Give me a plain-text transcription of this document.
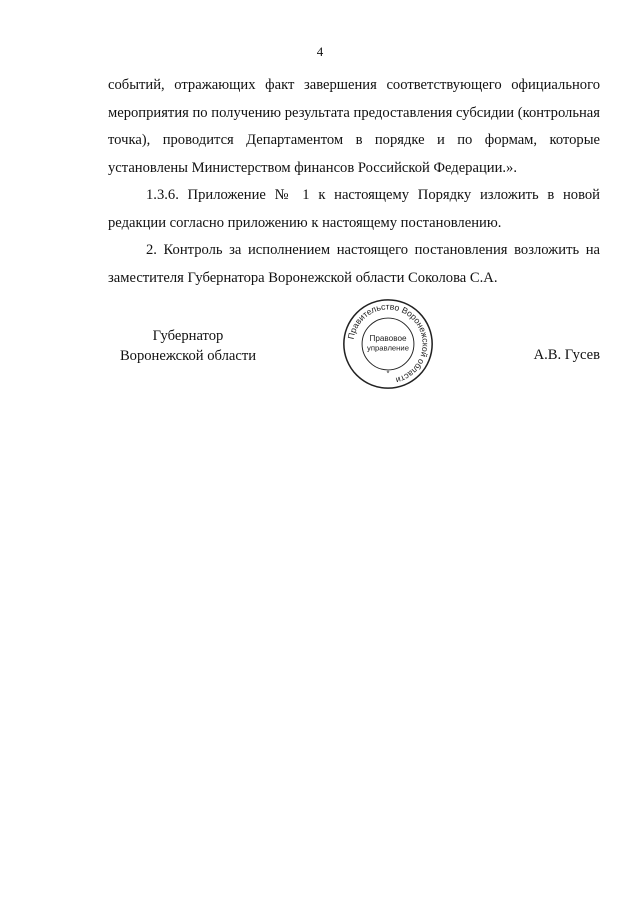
4

событий, отражающих факт завершения соответствующего официального мероприятия по получению результата предоставления субсидии (контрольная точка), проводится Департаментом в порядке и по формам, которые установлены Министерством финансов Российской Федерации.».

1.3.6. Приложение № 1 к настоящему Порядку изложить в новой редакции согласно приложению к настоящему постановлению.

2. Контроль за исполнением настоящего постановления возложить на заместителя Губернатора Воронежской области Соколова С.А.

Губернатор
Воронежской области	А.В. Гусев
Правительство Воронежской области
Правовое
управление
*
